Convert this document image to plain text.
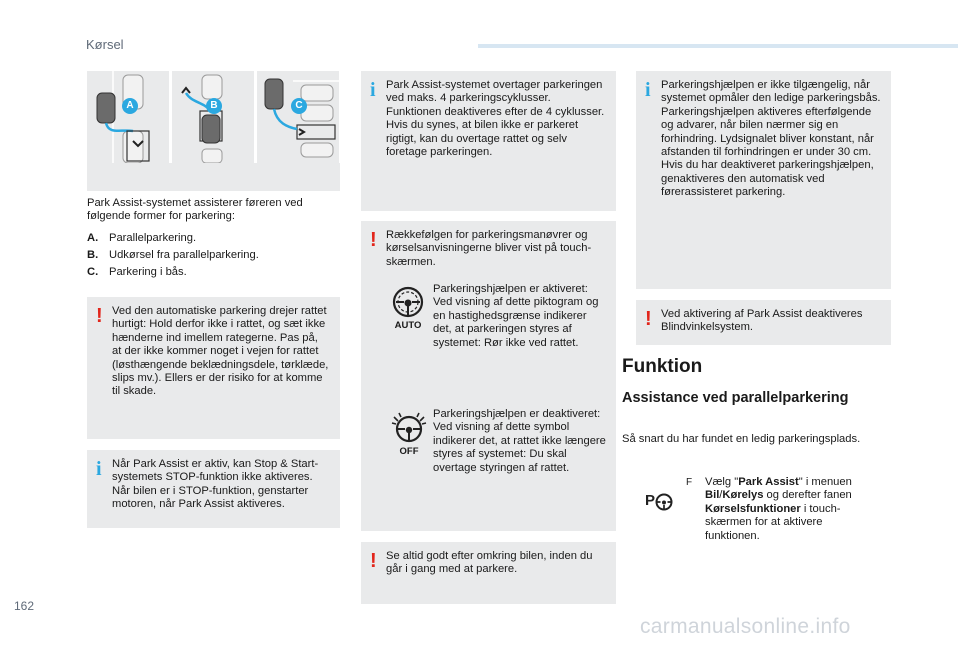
Kørsel
A	B	C
Park Assist-systemet assisterer føreren ved følgende former for parkering:
A. Parallelparkering.
B. Udkørsel fra parallelparkering.
C. Parkering i bås.
! Ved den automatiske parkering drejer rattet hurtigt: Hold derfor ikke i rattet, og sæt ikke hænderne ind imellem rategerne. Pas på, at der ikke kommer noget i vejen for rattet (løsthængende beklædningsdele, tørklæde, slips mv.). Ellers er der risiko for at komme til skade.
i Når Park Assist er aktiv, kan Stop & Start-systemets STOP-funktion ikke aktiveres. Når bilen er i STOP-funktion, genstarter motoren, når Park Assist aktiveres.
i Park Assist-systemet overtager parkeringen ved maks. 4 parkeringscyklusser. Funktionen deaktiveres efter de 4 cyklusser. Hvis du synes, at bilen ikke er parkeret rigtigt, kan du overtage rattet og selv foretage parkeringen.
! Rækkefølgen for parkeringsmanøvrer og kørselsanvisningerne bliver vist på touch-skærmen.
AUTO
Parkeringshjælpen er aktiveret: Ved visning af dette piktogram og en hastighedsgrænse indikerer det, at parkeringen styres af systemet: Rør ikke ved rattet.
OFF
Parkeringshjælpen er deaktiveret: Ved visning af dette symbol indikerer det, at rattet ikke længere styres af systemet: Du skal overtage styringen af rattet.
! Se altid godt efter omkring bilen, inden du går i gang med at parkere.
i Parkeringshjælpen er ikke tilgængelig, når systemet opmåler den ledige parkeringsbås. Parkeringshjælpen aktiveres efterfølgende og advarer, når bilen nærmer sig en forhindring. Lydsignalet bliver konstant, når afstanden til forhindringen er under 30 cm. Hvis du har deaktiveret parkeringshjælpen, genaktiveres den automatisk ved førerassisteret parkering.
! Ved aktivering af Park Assist deaktiveres Blindvinkelsystem.
Funktion
Assistance ved parallelparkering
Så snart du har fundet en ledig parkeringsplads.
P
F	Vælg "Park Assist" i menuen Bil/Kørelys og derefter fanen Kørselsfunktioner i touch-skærmen for at aktivere funktionen.
162
carmanualsonline.info
